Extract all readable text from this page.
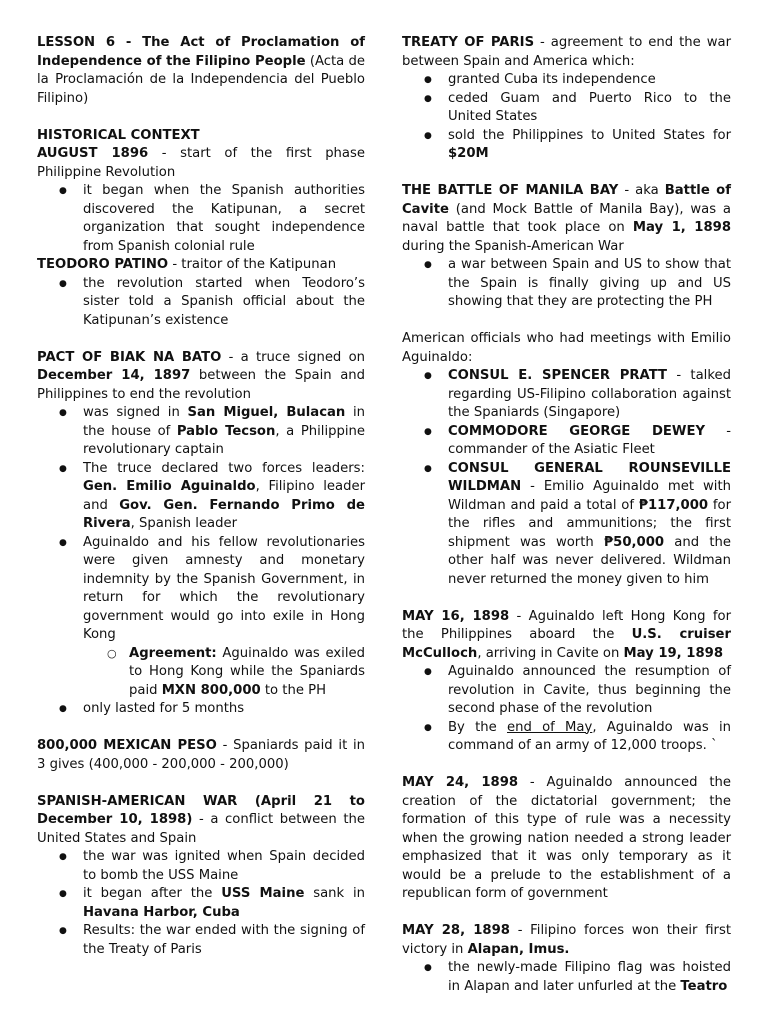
LESSON 6 - The Act of Proclamation of Independence of the Filipino People (Acta de la Proclamación de la Independencia del Pueblo Filipino)

HISTORICAL CONTEXT

AUGUST 1896 - start of the first phase Philippine Revolution

● it began when the Spanish authorities discovered the Katipunan, a secret organization that sought independence from Spanish colonial rule

TEODORO PATINO - traitor of the Katipunan

● the revolution started when Teodoro’s sister told a Spanish official about the Katipunan’s existence

PACT OF BIAK NA BATO - a truce signed on December 14, 1897 between the Spain and Philippines to end the revolution

● was signed in San Miguel, Bulacan in the house of Pablo Tecson, a Philippine revolutionary captain
● The truce declared two forces leaders: Gen. Emilio Aguinaldo, Filipino leader and Gov. Gen. Fernando Primo de Rivera, Spanish leader
● Aguinaldo and his fellow revolutionaries were given amnesty and monetary indemnity by the Spanish Government, in return for which the revolutionary government would go into exile in Hong Kong
○ Agreement: Aguinaldo was exiled to Hong Kong while the Spaniards paid MXN 800,000 to the PH
● only lasted for 5 months

800,000 MEXICAN PESO - Spaniards paid it in 3 gives (400,000 - 200,000 - 200,000)

SPANISH-AMERICAN WAR (April 21 to December 10, 1898) - a conflict between the United States and Spain

● the war was ignited when Spain decided to bomb the USS Maine
● it began after the USS Maine sank in Havana Harbor, Cuba
● Results: the war ended with the signing of the Treaty of Paris

TREATY OF PARIS - agreement to end the war between Spain and America which:

● granted Cuba its independence
● ceded Guam and Puerto Rico to the United States
● sold the Philippines to United States for $20M

THE BATTLE OF MANILA BAY - aka Battle of Cavite (and Mock Battle of Manila Bay), was a naval battle that took place on May 1, 1898 during the Spanish-American War

● a war between Spain and US to show that the Spain is finally giving up and US showing that they are protecting the PH

American officials who had meetings with Emilio Aguinaldo:

● CONSUL E. SPENCER PRATT - talked regarding US-Filipino collaboration against the Spaniards (Singapore)
● COMMODORE GEORGE DEWEY - commander of the Asiatic Fleet
● CONSUL GENERAL ROUNSEVILLE WILDMAN - Emilio Aguinaldo met with Wildman and paid a total of ₱117,000 for the rifles and ammunitions; the first shipment was worth ₱50,000 and the other half was never delivered. Wildman never returned the money given to him

MAY 16, 1898 - Aguinaldo left Hong Kong for the Philippines aboard the U.S. cruiser McCulloch, arriving in Cavite on May 19, 1898

● Aguinaldo announced the resumption of revolution in Cavite, thus beginning the second phase of the revolution
● By the end of May, Aguinaldo was in command of an army of 12,000 troops. `

MAY 24, 1898 - Aguinaldo announced the creation of the dictatorial government; the formation of this type of rule was a necessity when the growing nation needed a strong leader emphasized that it was only temporary as it would be a prelude to the establishment of a republican form of government

MAY 28, 1898 - Filipino forces won their first victory in Alapan, Imus.

● the newly-made Filipino flag was hoisted in Alapan and later unfurled at the Teatro
